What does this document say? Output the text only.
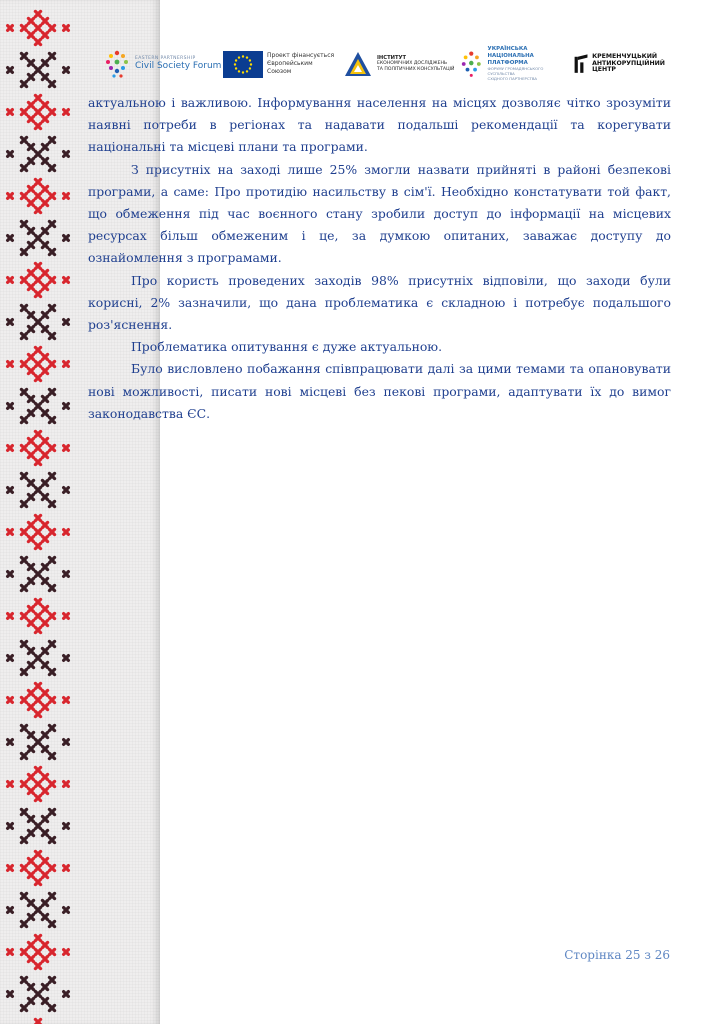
EASTERN PARTNERSHIP
Civil Society Forum
Проект фінансується
Європейським Союзом
ІНСТИТУТ
ЕКОНОМІЧНИХ ДОСЛІДЖЕНЬ
ТА ПОЛІТИЧНИХ КОНСУЛЬТАЦІЙ
УКРАЇНСЬКА
НАЦІОНАЛЬНА ПЛАТФОРМА
ФОРУМУ ГРОМАДЯНСЬКОГО СУСПІЛЬСТВА
СХІДНОГО ПАРТНЕРСТВА
КРЕМЕНЧУЦЬКИЙ
АНТИКОРУПЦІЙНИЙ
ЦЕНТР

актуальною і важливою. Інформування населення на місцях дозволяє чітко зрозуміти наявні потреби в регіонах та надавати подальші рекомендації та корегувати національні та місцеві плани та програми.

З присутніх на заході лише 25% змогли назвати прийняті в районі безпекові програми, а саме: Про протидію насильству в сім'ї. Необхідно констатувати той факт, що обмеження під час воєнного стану зробили доступ до інформації на місцевих ресурсах більш обмеженим і це, за думкою опитаних, заважає доступу до ознайомлення з програмами.

Про користь проведених заходів 98% присутніх відповіли, що заходи були корисні, 2% зазначили, що дана проблематика є складною і потребує подальшого роз'яснення.

Проблематика опитування є дуже актуальною.

Було висловлено побажання співпрацювати далі за цими темами та опановувати нові можливості, писати нові місцеві без пекові програми, адаптувати їх до вимог законодавства ЄС.

Сторінка 25 з 26
